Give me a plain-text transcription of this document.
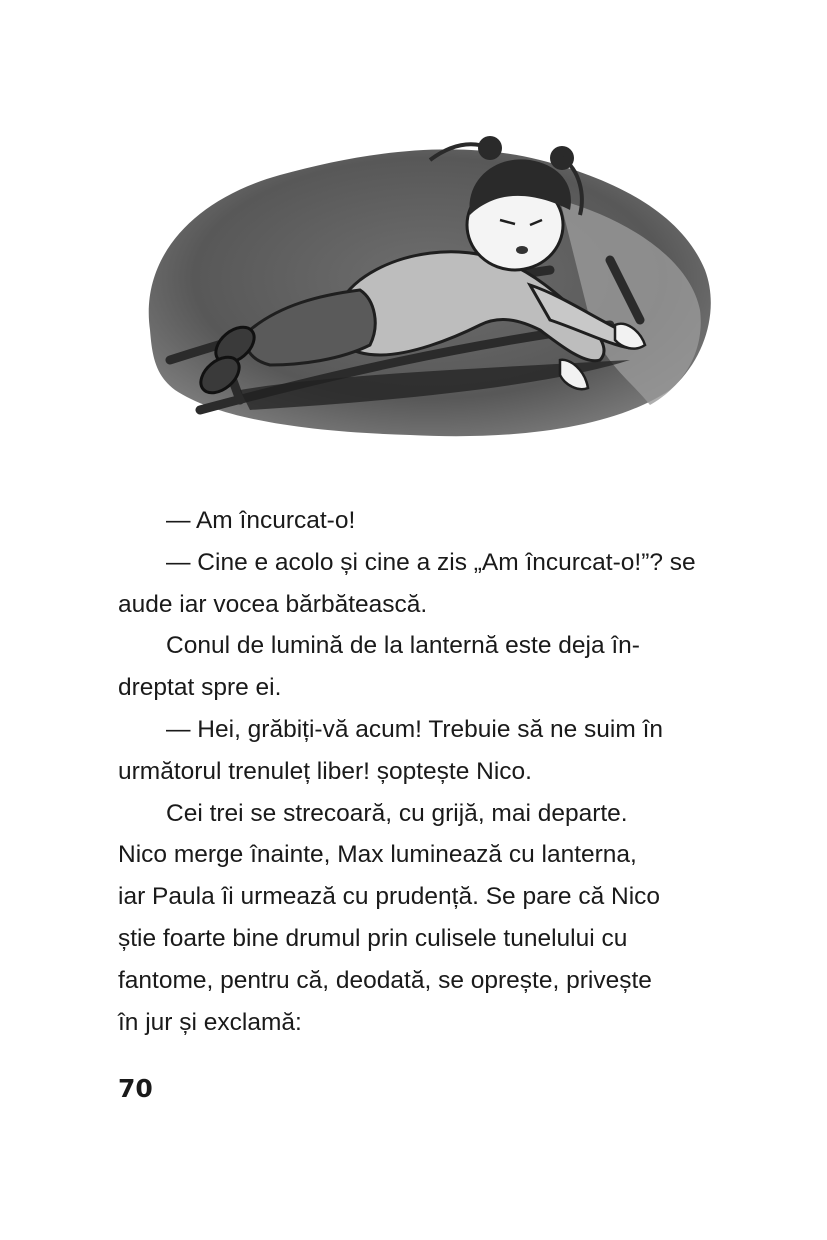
— Am încurcat-o!
— Cine e acolo și cine a zis „Am încurcat-o!”? se
aude iar vocea bărbătească.
Conul de lumină de la lanternă este deja în-
dreptat spre ei.
— Hei, grăbiți-vă acum! Trebuie să ne suim în
următorul trenuleț liber! șoptește Nico.
Cei trei se strecoară, cu grijă, mai departe.
Nico merge înainte, Max luminează cu lanterna,
iar Paula îi urmează cu prudență. Se pare că Nico
știe foarte bine drumul prin culisele tunelului cu
fantome, pentru că, deodată, se oprește, privește
în jur și exclamă:
70
